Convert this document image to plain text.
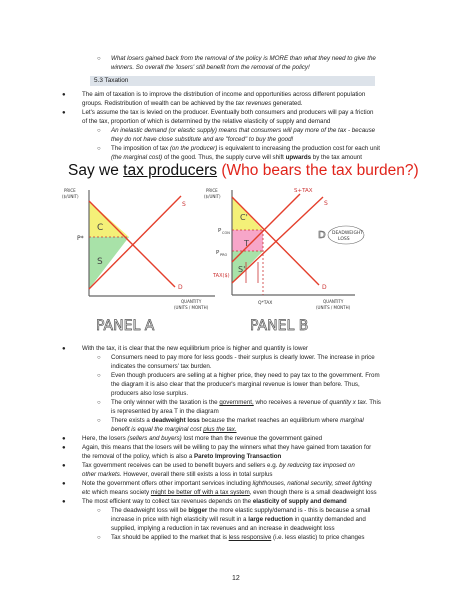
○ What losers gained back from the removal of the policy is MORE than what they need to give the
winners. So overall the 'losers' still benefit from the removal of the policy!
5.3 Taxation
●	The aim of taxation is to improve the distribution of income and opportunities across different population
groups. Redistribution of wealth can be achieved by the tax revenues generated.
●	Let's assume the tax is levied on the producer. Eventually both consumers and producers will pay a friction
of the tax, proportion of which is determined by the relative elasticity of supply and demand
○ An inelastic demand (or elastic supply) means that consumers will pay more of the tax - because
they do not have close substitute and are "forced" to buy the good!
○ The imposition of tax (on the producer) is equivalent to increasing the production cost for each unit
(the marginal cost) of the good. Thus, the supply curve will shift upwards by the tax amount
Say we tax producers (Who bears the tax burden?)
PRICE
($/UNIT)
P*
C
S
S
D
QUANTITY
(UNITS / MONTH)
PANEL A
PRICE
($/UNIT)
S+TAX
C'
P CON
T
P PRO
S'
S
D DEADWEIGHT
LOSS
TAX($)
D
Q*TAX	QUANTITY
(UNITS / MONTH)
PANEL B
●	With the tax, it is clear that the new equilibrium price is higher and quantity is lower
○ Consumers need to pay more for less goods - their surplus is clearly lower. The increase in price
indicates the consumers' tax burden.
○ Even though producers are selling at a higher price, they need to pay tax to the government. From
the diagram it is also clear that the producer's marginal revenue is lower than before. Thus,
producers also lose surplus.
○ The only winner with the taxation is the government, who receives a revenue of quantity x tax. This
is represented by area T in the diagram
○ There exists a deadweight loss because the market reaches an equilibrium where marginal
benefit is equal the marginal cost plus the tax.
●	Here, the losers (sellers and buyers) lost more than the revenue the government gained
●	Again, this means that the losers will be willing to pay the winners what they have gained from taxation for
the removal of the policy, which is also a Pareto Improving Transaction
●	Tax government receives can be used to benefit buyers and sellers e.g. by reducing tax imposed on
other markets. However, overall there still exists a loss in total surplus
●	Note the government offers other important services including lighthouses, national security, street lighting
etc which means society might be better off with a tax system, even though there is a small deadweight loss
●	The most efficient way to collect tax revenues depends on the elasticity of supply and demand
○ The deadweight loss will be bigger the more elastic supply/demand is - this is because a small
increase in price with high elasticity will result in a large reduction in quantity demanded and
supplied, implying a reduction in tax revenues and an increase in deadweight loss
○ Tax should be applied to the market that is less responsive (i.e. less elastic) to price changes
12
